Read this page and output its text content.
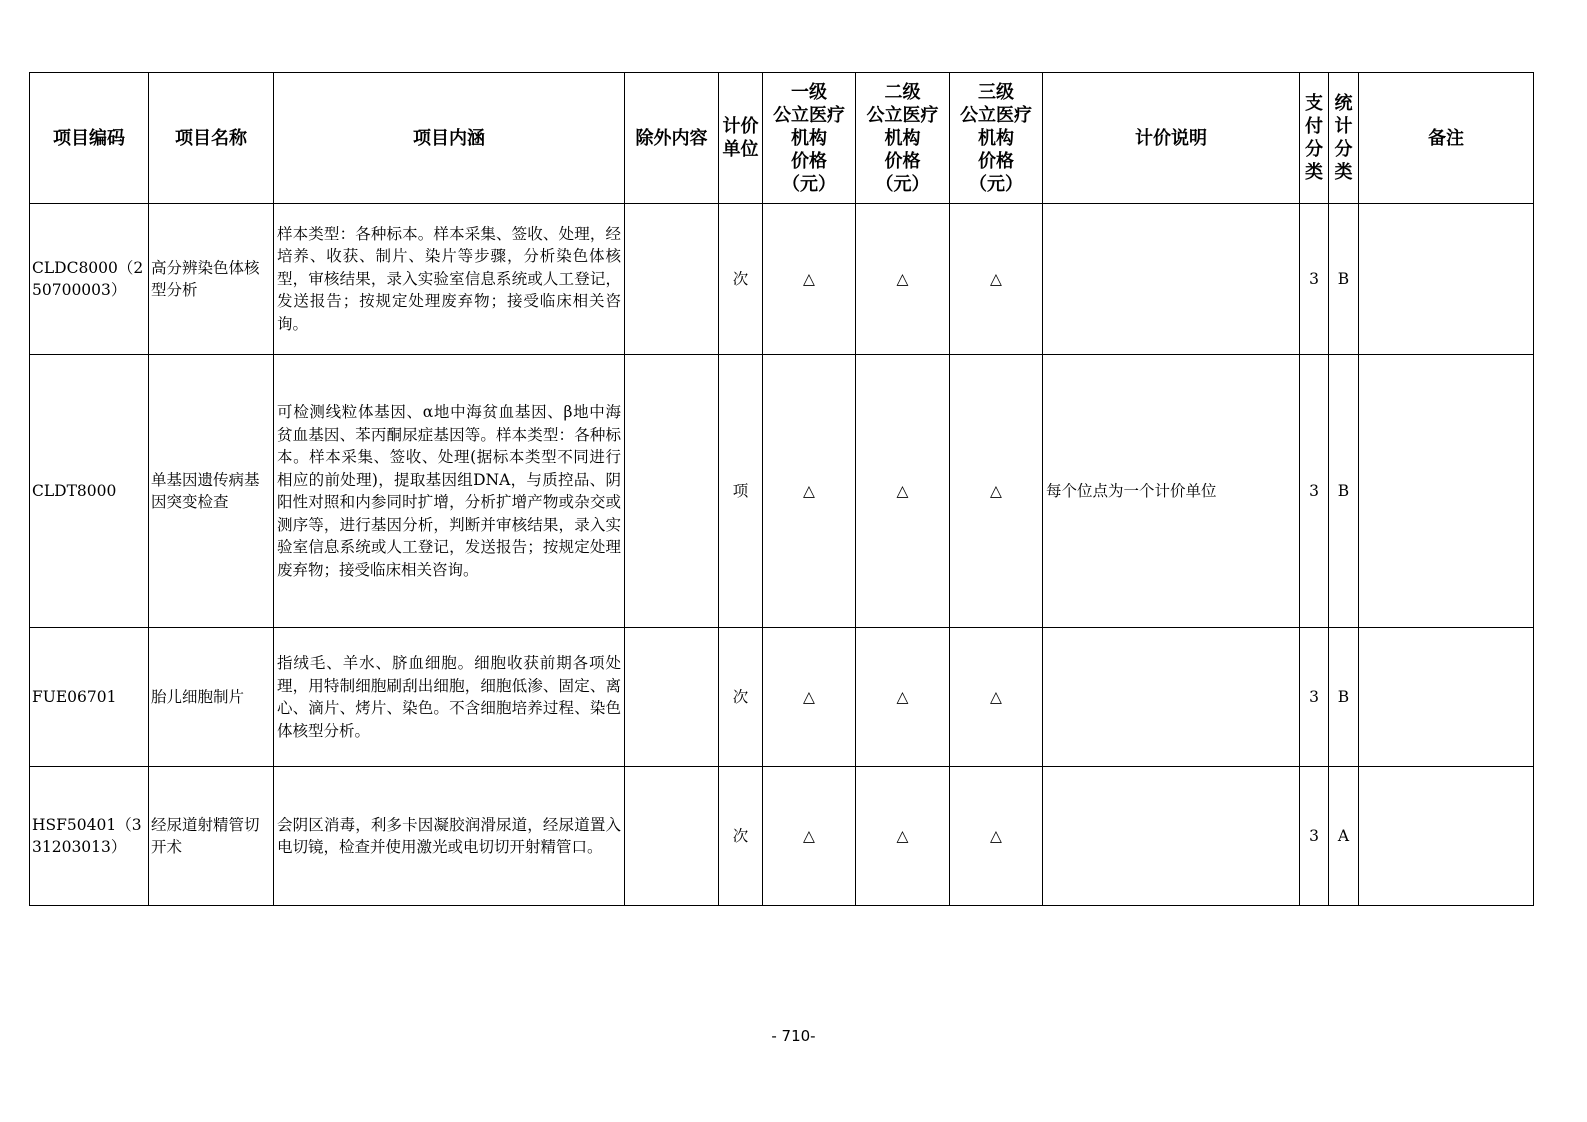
项目编码	项目名称	项目内涵	除外内容	计价单位	一级
公立医疗
机构
价格
（元）	二级
公立医疗
机构
价格
（元）	三级
公立医疗
机构
价格
（元）	计价说明	支付分类	统计分类	备注
CLDC8000（250700003）	高分辨染色体核型分析	样本类型：各种标本。样本采集、签收、处理，经培养、收获、制片、染片等步骤，分析染色体核型，审核结果，录入实验室信息系统或人工登记，发送报告；按规定处理废弃物；接受临床相关咨询。		次	△	△	△		3	B	
CLDT8000	单基因遗传病基因突变检查	可检测线粒体基因、α地中海贫血基因、β地中海贫血基因、苯丙酮尿症基因等。样本类型：各种标本。样本采集、签收、处理(据标本类型不同进行相应的前处理)，提取基因组DNA，与质控品、阴阳性对照和内参同时扩增，分析扩增产物或杂交或测序等，进行基因分析，判断并审核结果，录入实验室信息系统或人工登记，发送报告；按规定处理废弃物；接受临床相关咨询。		项	△	△	△	每个位点为一个计价单位	3	B	
FUE06701	胎儿细胞制片	指绒毛、羊水、脐血细胞。细胞收获前期各项处理，用特制细胞刷刮出细胞，细胞低渗、固定、离心、滴片、烤片、染色。不含细胞培养过程、染色体核型分析。		次	△	△	△		3	B	
HSF50401（331203013）	经尿道射精管切开术	会阴区消毒，利多卡因凝胶润滑尿道，经尿道置入电切镜，检查并使用激光或电切切开射精管口。		次	△	△	△		3	A	
- 710-
